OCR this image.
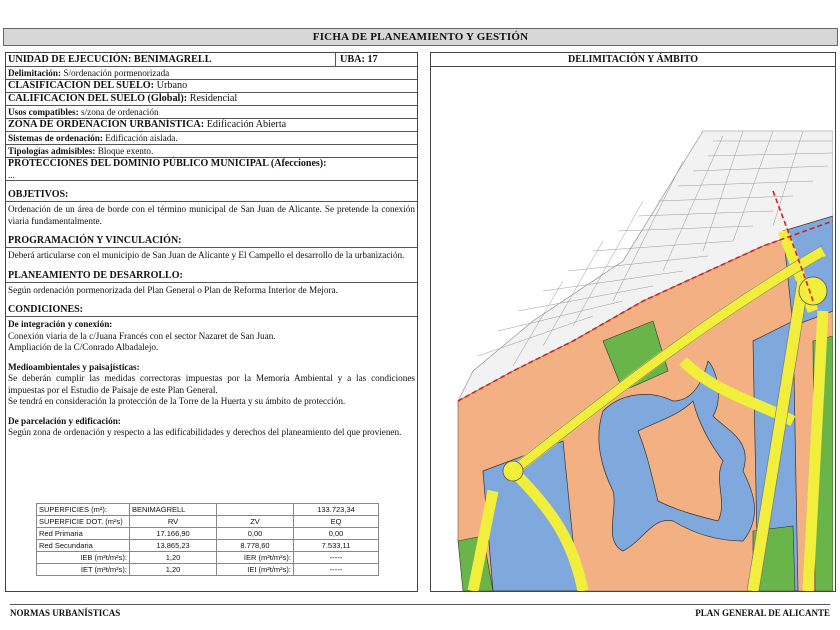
FICHA DE PLANEAMIENTO Y GESTIÓN
UNIDAD DE EJECUCIÓN: BENIMAGRELL	UBA: 17
Delimitación: S/ordenación pormenorizada
CLASIFICACIÓN DEL SUELO: Urbano
CALIFICACIÓN DEL SUELO (Global): Residencial
Usos compatibles: s/zona de ordenación
ZONA DE ORDENACIÓN URBANÍSTICA: Edificación Abierta
Sistemas de ordenación: Edificación aislada.
Tipologías admisibles: Bloque exento.
PROTECCIONES DEL DOMINIO PÚBLICO MUNICIPAL (Afecciones):
...
OBJETIVOS:
Ordenación de un área de borde con el término municipal de San Juan de Alicante. Se pretende la conexión viaria fundamentalmente.
PROGRAMACIÓN Y VINCULACIÓN:
Deberá articularse con el municipio de San Juan de Alicante y El Campello el desarrollo de la urbanización.
PLANEAMIENTO DE DESARROLLO:
Según ordenación pormenorizada del Plan General o Plan de Reforma Interior de Mejora.
CONDICIONES:
De integración y conexión:
Conexión viaria de la c/Juana Francés con el sector Nazaret de San Juan.
Ampliación de la C/Conrado Albadalejo.
Medioambientales y paisajísticas:
Se deberán cumplir las medidas correctoras impuestas por la Memoria Ambiental y a las condiciones impuestas por el Estudio de Paisaje de este Plan General.
Se tendrá en consideración la protección de la Torre de la Huerta y su ámbito de protección.
De parcelación y edificación:
Según zona de ordenación y respecto a las edificabilidades y derechos del planeamiento del que provienen.
SUPERFICIES (m²):	BENIMAGRELL		133.723,34
SUPERFICIE DOT. (m²s)	RV	ZV	EQ
Red Primaria	17.166,90	0,00	0,00
Red Secundaria	13.865,23	8.778,60	7.533,11
IEB (m²t/m²s):	1,20	IER (m²t/m²s):	-----
IET (m²t/m²s):	1,20	IEI (m²t/m²s):	-----
DELIMITACIÓN Y ÁMBITO
NORMAS URBANÍSTICAS	PLAN GENERAL DE ALICANTE
